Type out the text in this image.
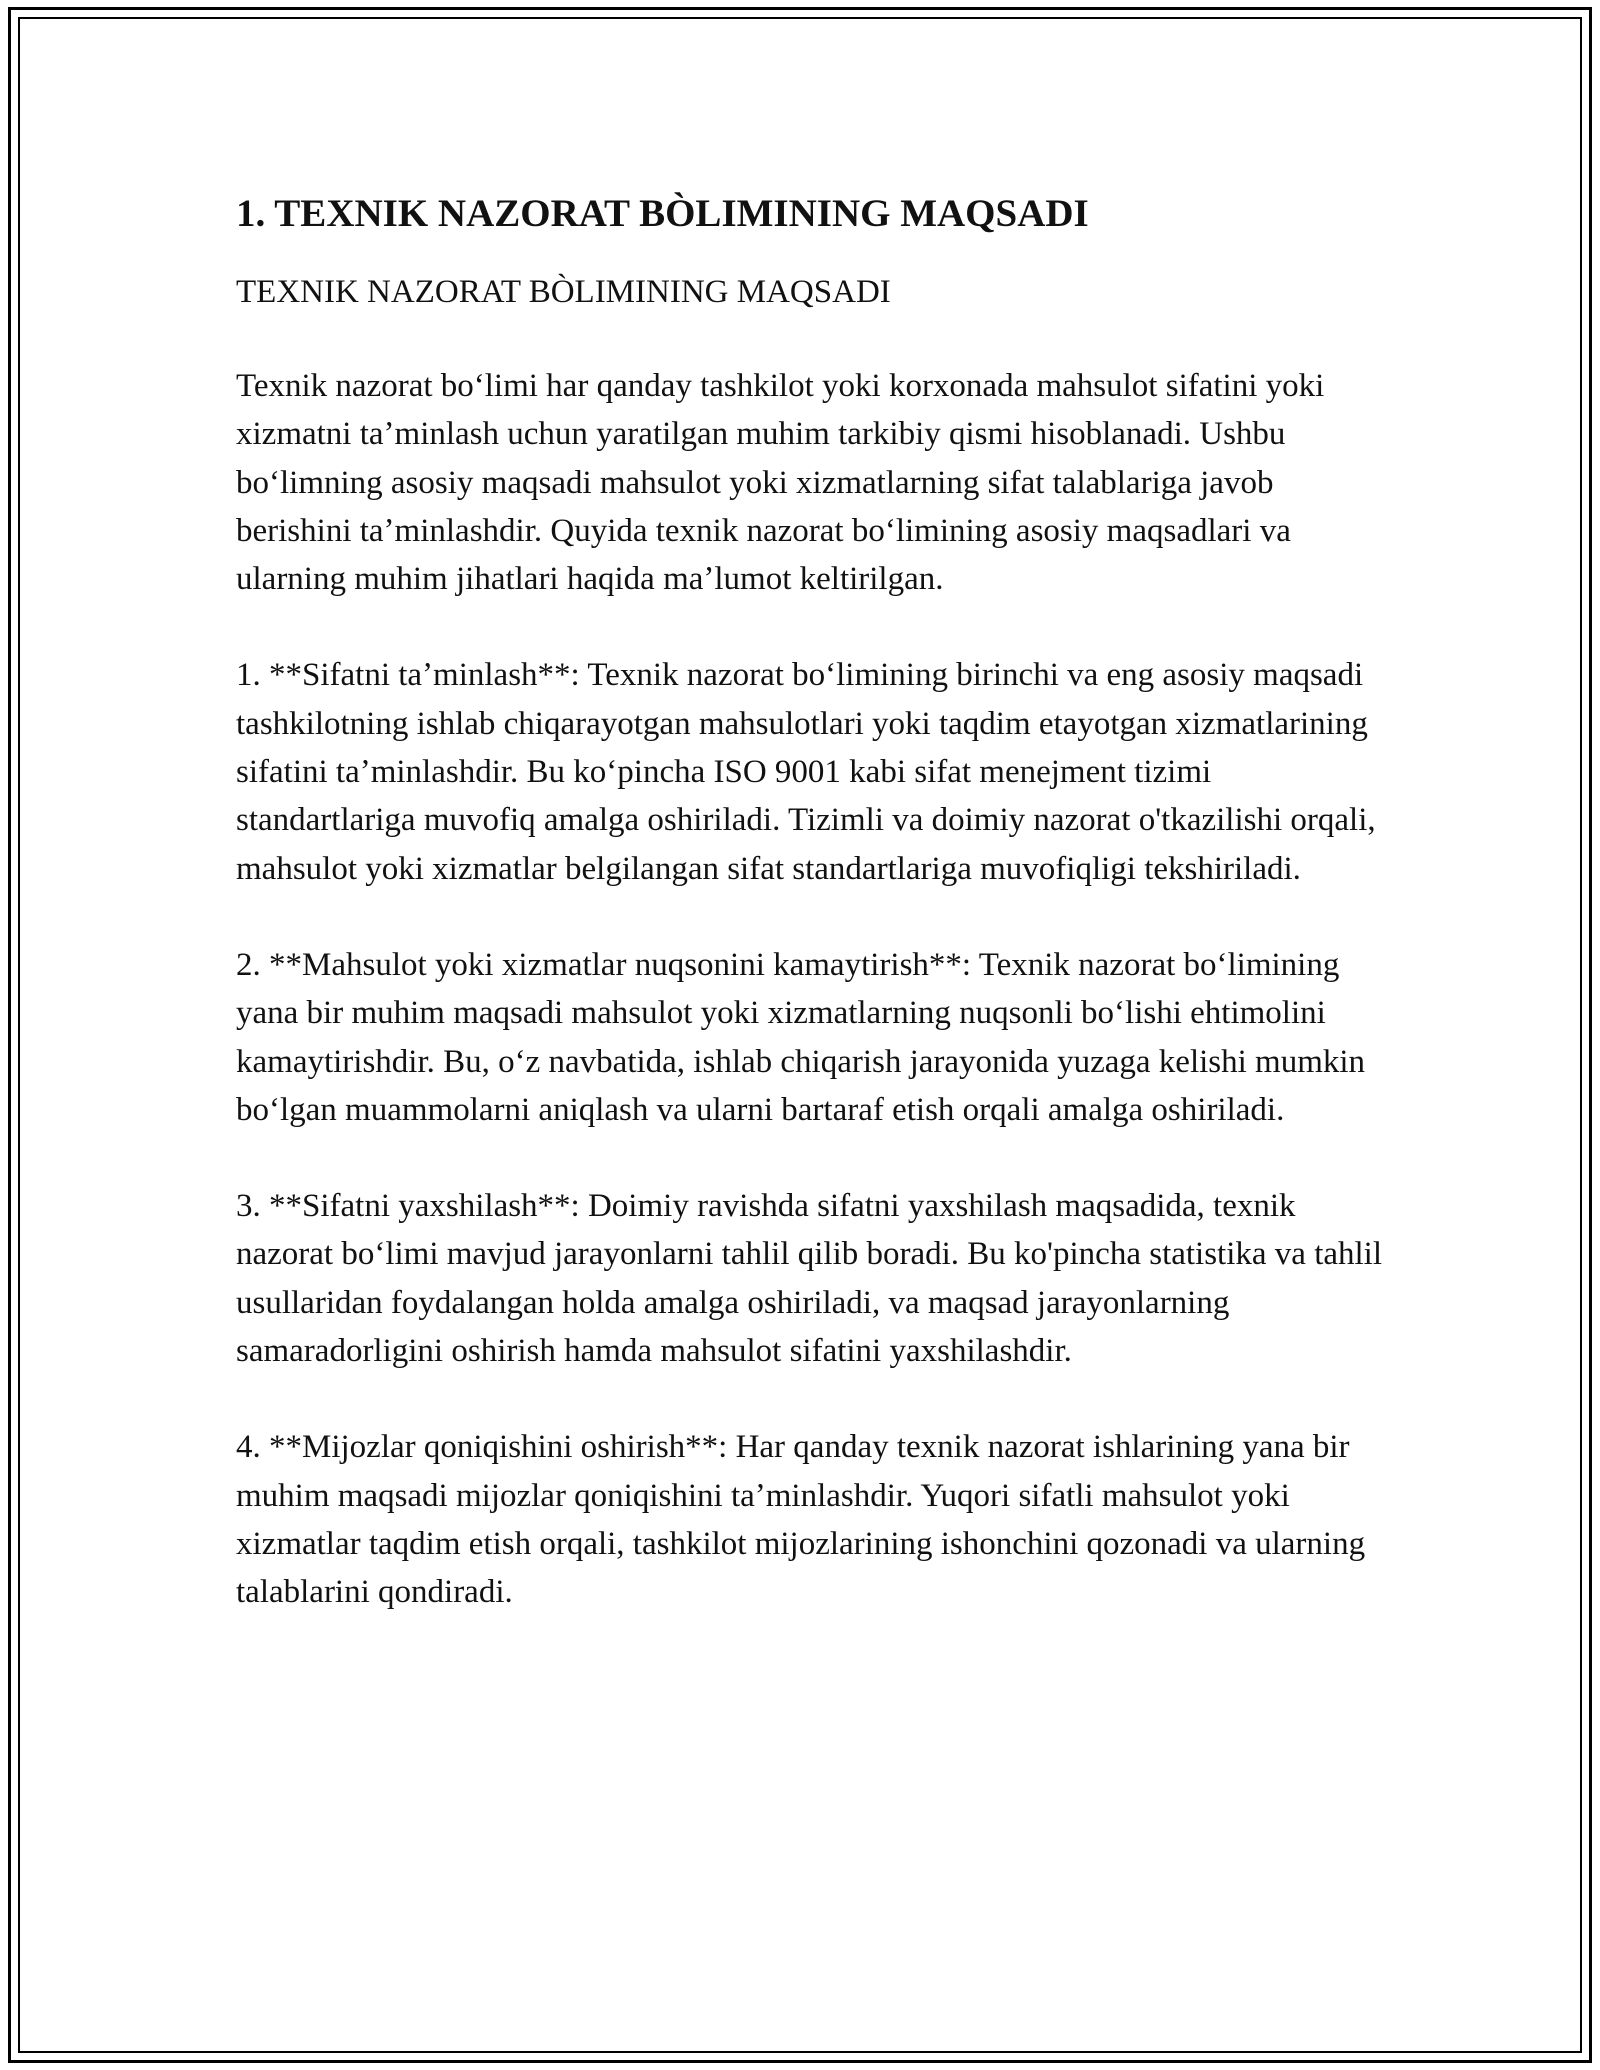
1. TEXNIK NAZORAT BÒLIMINING MAQSADI

TEXNIK NAZORAT BÒLIMINING MAQSADI

Texnik nazorat boʻlimi har qanday tashkilot yoki korxonada mahsulot sifatini yoki xizmatni taʼminlash uchun yaratilgan muhim tarkibiy qismi hisoblanadi. Ushbu boʻlimning asosiy maqsadi mahsulot yoki xizmatlarning sifat talablariga javob berishini taʼminlashdir. Quyida texnik nazorat boʻlimining asosiy maqsadlari va ularning muhim jihatlari haqida maʼlumot keltirilgan.

1. **Sifatni taʼminlash**: Texnik nazorat boʻlimining birinchi va eng asosiy maqsadi tashkilotning ishlab chiqarayotgan mahsulotlari yoki taqdim etayotgan xizmatlarining sifatini taʼminlashdir. Bu koʻpincha ISO 9001 kabi sifat menejment tizimi standartlariga muvofiq amalga oshiriladi. Tizimli va doimiy nazorat o'tkazilishi orqali, mahsulot yoki xizmatlar belgilangan sifat standartlariga muvofiqligi tekshiriladi.

2. **Mahsulot yoki xizmatlar nuqsonini kamaytirish**: Texnik nazorat boʻlimining yana bir muhim maqsadi mahsulot yoki xizmatlarning nuqsonli boʻlishi ehtimolini kamaytirishdir. Bu, oʻz navbatida, ishlab chiqarish jarayonida yuzaga kelishi mumkin boʻlgan muammolarni aniqlash va ularni bartaraf etish orqali amalga oshiriladi.

3. **Sifatni yaxshilash**: Doimiy ravishda sifatni yaxshilash maqsadida, texnik nazorat boʻlimi mavjud jarayonlarni tahlil qilib boradi. Bu ko'pincha statistika va tahlil usullaridan foydalangan holda amalga oshiriladi, va maqsad jarayonlarning samaradorligini oshirish hamda mahsulot sifatini yaxshilashdir.

4. **Mijozlar qoniqishini oshirish**: Har qanday texnik nazorat ishlarining yana bir muhim maqsadi mijozlar qoniqishini taʼminlashdir. Yuqori sifatli mahsulot yoki xizmatlar taqdim etish orqali, tashkilot mijozlarining ishonchini qozonadi va ularning talablarini qondiradi.
